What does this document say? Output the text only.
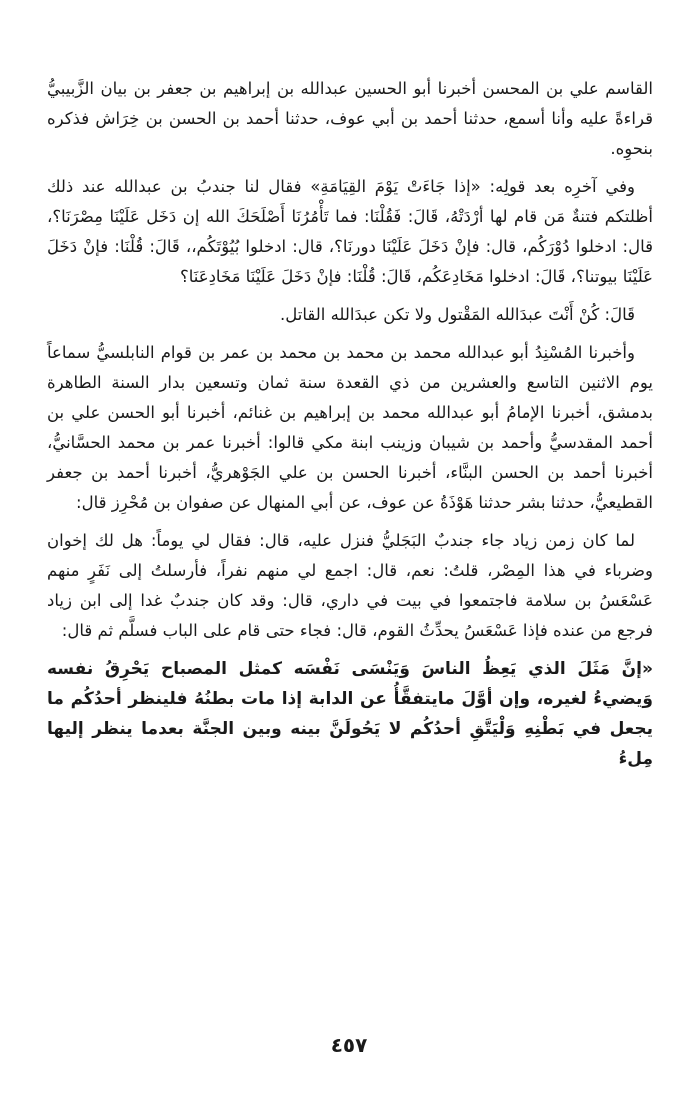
القاسم علي بن المحسن أخبرنا أبو الحسين عبدالله بن إبراهيم بن جعفر بن بيان الزَّبيبيُّ قراءةً عليه وأنا أسمع، حدثنا أحمد بن أبي عوف، حدثنا أحمد بن الحسن بن خِرَاش فذكره بنحوِه.

وفي آخرِه بعد قولِه: «إذا جَاءَتْ يَوْمَ القِيَامَةِ» فقال لنا جندبُ بن عبدالله عند ذلك أظلتكم فتنةٌ مَن قام لها أرْدَتْهُ، قَالَ: فَقُلْنَا: فما تَأْمُرُنَا أَصْلَحَكَ الله إن دَخَل عَلَيْنَا مِصْرَنَا؟، قال: ادخلوا دُوْرَكُم، قال: فإنْ دَخَلَ عَلَيْنَا دورنَا؟، قال: ادخلوا بُيُوْتَكُم،، قَالَ: قُلْنَا: فإنْ دَخَلَ عَلَيْنَا بيوتنا؟، قَالَ: ادخلوا مَخَادِعَكُم، قَالَ: قُلْنَا: فإنْ دَخَلَ عَلَيْنَا مَخَادِعَنَا؟

قَالَ: كُنْ أَنْتَ عبدَالله المَقْتول ولا تكن عبدَالله القاتل.

وأخبرنا المُسْنِدُ أبو عبدالله محمد بن محمد بن محمد بن عمر بن قوام النابلسيُّ سماعاً يوم الاثنين التاسع والعشرين من ذي القعدة سنة ثمان وتسعين بدار السنة الطاهرة بدمشق، أخبرنا الإمامُ أبو عبدالله محمد بن إبراهيم بن غنائم، أخبرنا أبو الحسن علي بن أحمد المقدسيُّ وأحمد بن شيبان وزينب ابنة مكي قالوا: أخبرنا عمر بن محمد الحسَّانيُّ، أخبرنا أحمد بن الحسن البنَّاء، أخبرنا الحسن بن علي الجَوْهريُّ، أخبرنا أحمد بن جعفر القطيعيُّ، حدثنا بشر حدثنا هَوْذَةُ عن عوف، عن أبي المنهال عن صفوان بن مُحْرِز قال:

لما كان زمن زياد جاء جندبٌ البَجَليُّ فنزل عليه، قال: فقال لي يوماً: هل لك إخوان وضرباء في هذا المِصْر، قلتُ: نعم، قال: اجمع لي منهم نفراً، فأرسلتُ إلى نَفَرٍ منهم عَسْعَسُ بن سلامة فاجتمعوا في بيت في داري، قال: وقد كان جندبٌ غدا إلى ابن زياد فرجع من عنده فإذا عَسْعَسُ يحدِّثُ القوم، قال: فجاء حتى قام على الباب فسلَّم ثم قال:

«إنَّ مَثَلَ الذي يَعِظُ الناسَ وَيَنْسَى نَفْسَه كمثل المصباح يَحْرِقُ نفسه وَيضيءُ لغيره، وإن أوَّلَ مايتفقَّأُ عن الدابة إذا مات بطنُهُ فلينظر أحدُكُم ما يجعل في بَطْنِهِ وَلْيَتَّقِ أحدُكُم لا يَحُولَنَّ بينه وبين الجنَّة بعدما ينظر إليها مِلءُ

٤٥٧
